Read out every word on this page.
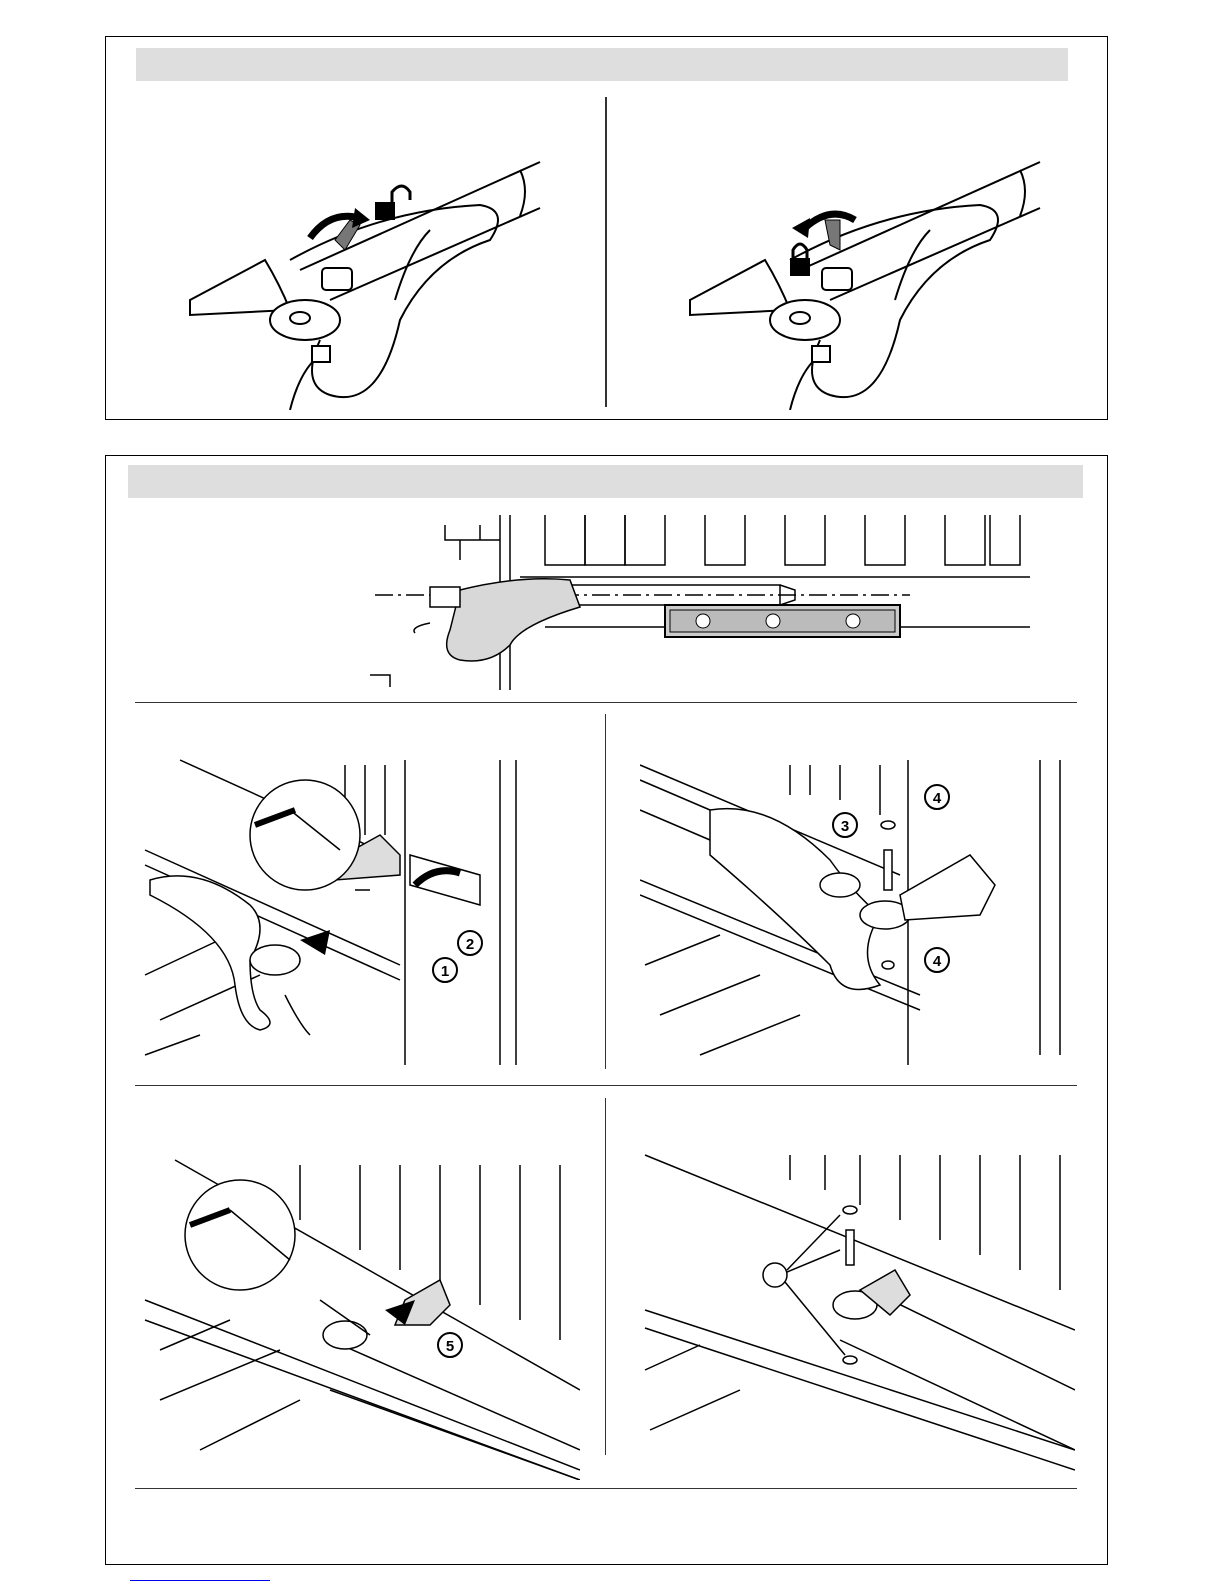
1
2
4
3
4
5
